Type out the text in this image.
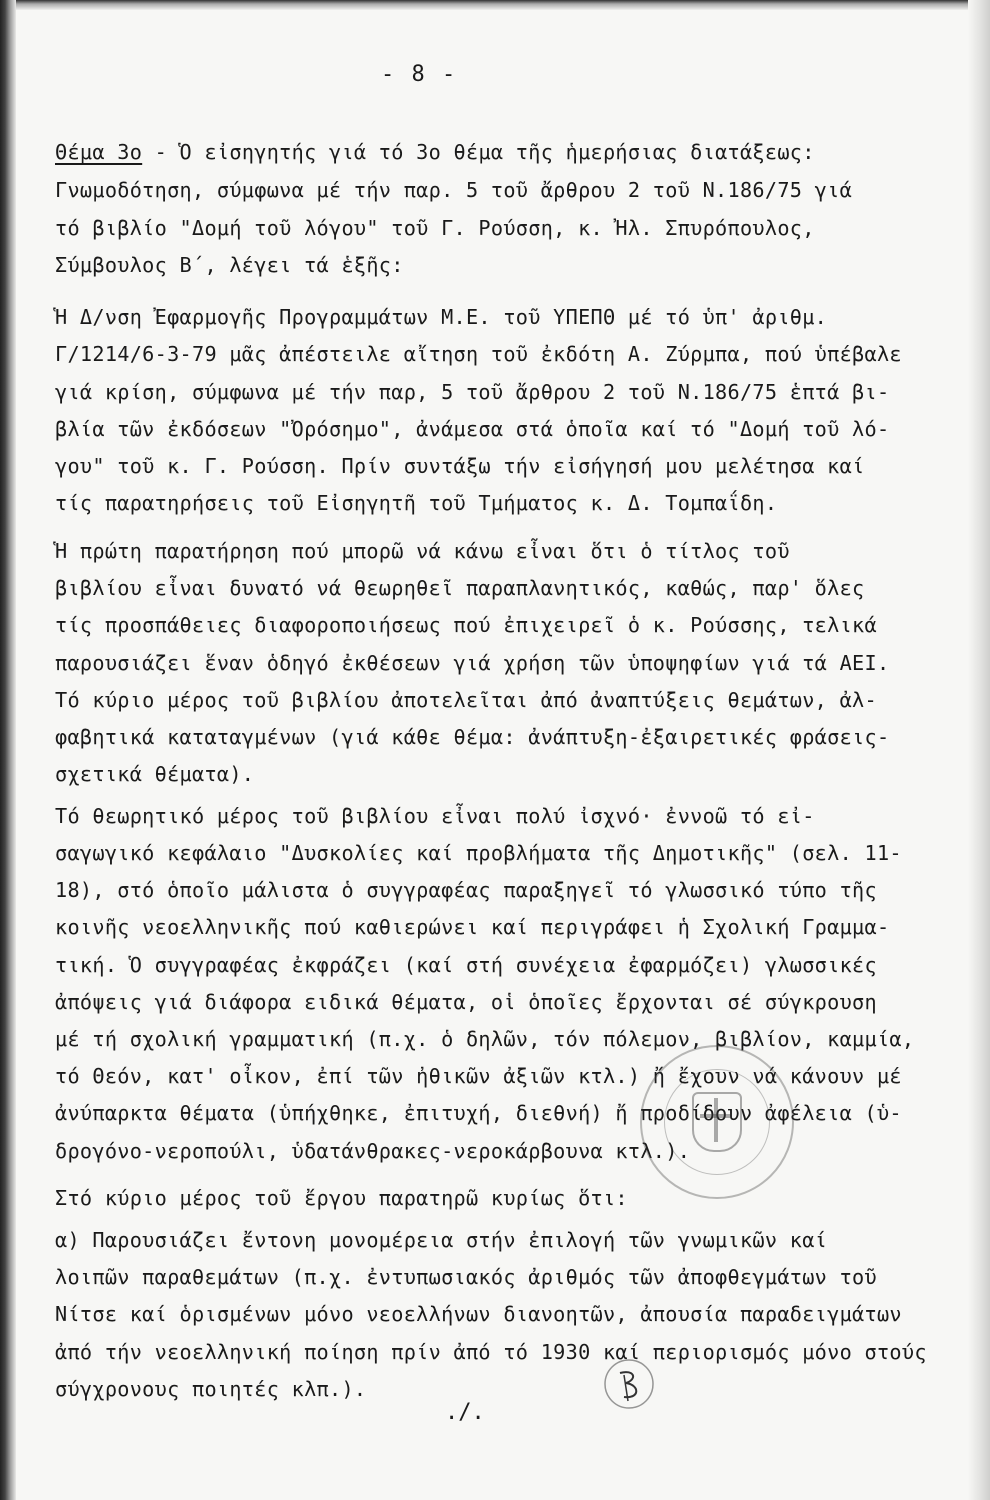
- 8 -
Θέμα 3ο - Ὁ εἰσηγητής γιά τό 3ο θέμα τῆς ἡμερήσιας διατάξεως:
Γνωμοδότηση, σύμφωνα μέ τήν παρ. 5 τοῦ ἄρθρου 2 τοῦ Ν.186/75 γιά
τό βιβλίο "Δομή τοῦ λόγου" τοῦ Γ. Ρούσση, κ. Ἠλ. Σπυρόπουλος,
Σύμβουλος Β΄, λέγει τά ἑξῆς:
Ἡ Δ/νση Ἐφαρμογῆς Προγραμμάτων Μ.Ε. τοῦ ΥΠΕΠΘ μέ τό ὑπ' ἀριθμ.
Γ/1214/6-3-79 μᾶς ἀπέστειλε αἴτηση τοῦ ἐκδότη Α. Ζύρμπα, πού ὑπέβαλε
γιά κρίση, σύμφωνα μέ τήν παρ, 5 τοῦ ἄρθρου 2 τοῦ Ν.186/75 ἑπτά βι-
βλία τῶν ἐκδόσεων "Ὀρόσημο", ἀνάμεσα στά ὁποῖα καί τό "Δομή τοῦ λό-
γου" τοῦ κ. Γ. Ρούσση. Πρίν συντάξω τήν εἰσήγησή μου μελέτησα καί
τίς παρατηρήσεις τοῦ Εἰσηγητῆ τοῦ Τμήματος κ. Δ. Τομπαΐδη.
Ἡ πρώτη παρατήρηση πού μπορῶ νά κάνω εἶναι ὅτι ὁ τίτλος τοῦ
βιβλίου εἶναι δυνατό νά θεωρηθεῖ παραπλανητικός, καθώς, παρ' ὅλες
τίς προσπάθειες διαφοροποιήσεως πού ἐπιχειρεῖ ὁ κ. Ρούσσης, τελικά
παρουσιάζει ἕναν ὁδηγό ἐκθέσεων γιά χρήση τῶν ὑποψηφίων γιά τά ΑΕΙ.
Τό κύριο μέρος τοῦ βιβλίου ἀποτελεῖται ἀπό ἀναπτύξεις θεμάτων, ἀλ-
φαβητικά καταταγμένων (γιά κάθε θέμα: ἀνάπτυξη-ἐξαιρετικές φράσεις-
σχετικά θέματα).
Τό θεωρητικό μέρος τοῦ βιβλίου εἶναι πολύ ἰσχνό· ἐννοῶ τό εἰ-
σαγωγικό κεφάλαιο "Δυσκολίες καί προβλήματα τῆς Δημοτικῆς" (σελ. 11-
18), στό ὁποῖο μάλιστα ὁ συγγραφέας παραξηγεῖ τό γλωσσικό τύπο τῆς
κοινῆς νεοελληνικῆς πού καθιερώνει καί περιγράφει ἡ Σχολική Γραμμα-
τική. Ὁ συγγραφέας ἐκφράζει (καί στή συνέχεια ἐφαρμόζει) γλωσσικές
ἀπόψεις γιά διάφορα ειδικά θέματα, οἱ ὁποῖες ἔρχονται σέ σύγκρουση
μέ τή σχολική γραμματική (π.χ. ὁ δηλῶν, τόν πόλεμον, βιβλίον, καμμία,
τό Θεόν, κατ' οἶκον, ἐπί τῶν ἠθικῶν ἀξιῶν κτλ.) ἤ ἔχουν νά κάνουν μέ
ἀνύπαρκτα θέματα (ὑπήχθηκε, ἐπιτυχή, διεθνή) ἤ προδίδουν ἀφέλεια (ὑ-
δρογόνο-νεροπούλι, ὑδατάνθρακες-νεροκάρβουνα κτλ.).
Στό κύριο μέρος τοῦ ἔργου παρατηρῶ κυρίως ὅτι:
α) Παρουσιάζει ἔντονη μονομέρεια στήν ἐπιλογή τῶν γνωμικῶν καί
λοιπῶν παραθεμάτων (π.χ. ἐντυπωσιακός ἀριθμός τῶν ἀποφθεγμάτων τοῦ
Νίτσε καί ὁρισμένων μόνο νεοελλήνων διανοητῶν, ἀπουσία παραδειγμάτων
ἀπό τήν νεοελληνική ποίηση πρίν ἀπό τό 1930 καί περιορισμός μόνο στούς
σύγχρονους ποιητές κλπ.).
./.
